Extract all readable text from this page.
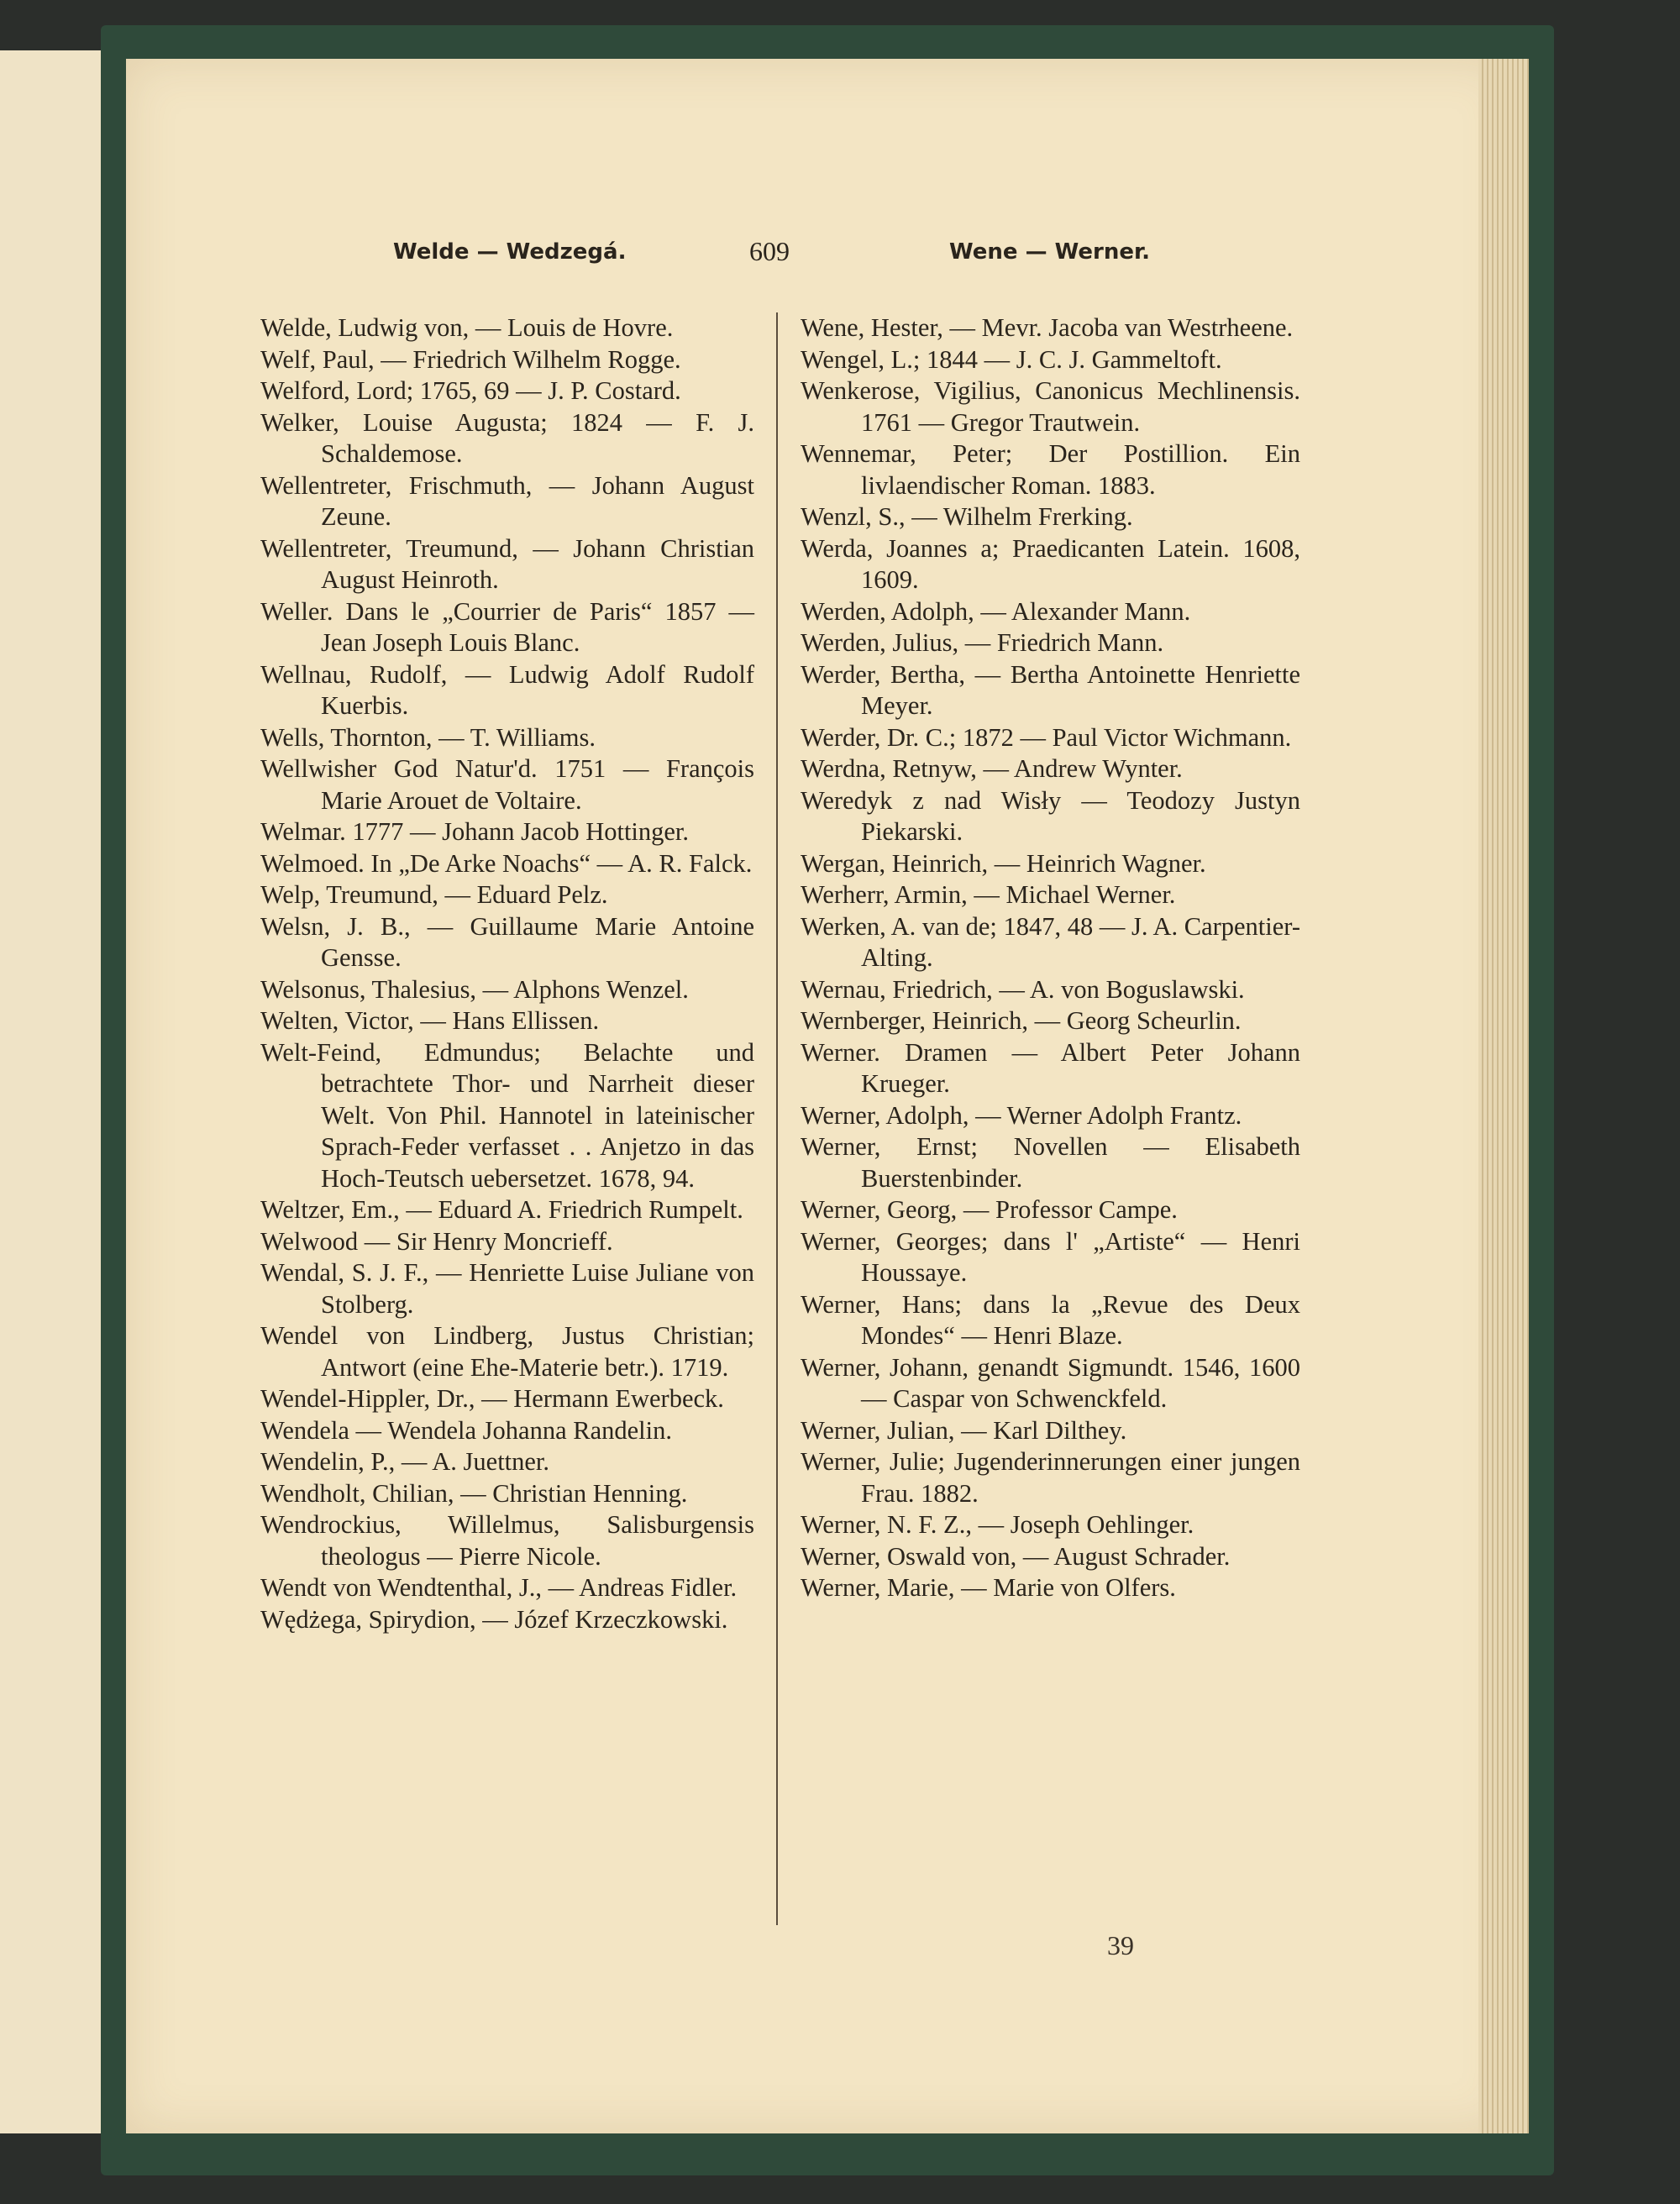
Welde — Wedzegá.	609	Wene — Werner.
Welde, Ludwig von, — Louis de Hovre.
Welf, Paul, — Friedrich Wilhelm Rogge.
Welford, Lord; 1765, 69 — J. P. Costard.
Welker, Louise Augusta; 1824 — F. J. Schaldemose.
Wellentreter, Frischmuth, — Johann August Zeune.
Wellentreter, Treumund, — Johann Christian August Heinroth.
Weller. Dans le „Courrier de Paris“ 1857 — Jean Joseph Louis Blanc.
Wellnau, Rudolf, — Ludwig Adolf Rudolf Kuerbis.
Wells, Thornton, — T. Williams.
Wellwisher God Natur'd. 1751 — François Marie Arouet de Voltaire.
Welmar. 1777 — Johann Jacob Hottinger.
Welmoed. In „De Arke Noachs“ — A. R. Falck.
Welp, Treumund, — Eduard Pelz.
Welsn, J. B., — Guillaume Marie Antoine Gensse.
Welsonus, Thalesius, — Alphons Wenzel.
Welten, Victor, — Hans Ellissen.
Welt-Feind, Edmundus; Belachte und betrachtete Thor- und Narrheit dieser Welt. Von Phil. Hannotel in lateinischer Sprach-Feder verfasset . . Anjetzo in das Hoch-Teutsch uebersetzet. 1678, 94.
Weltzer, Em., — Eduard A. Friedrich Rumpelt.
Welwood — Sir Henry Moncrieff.
Wendal, S. J. F., — Henriette Luise Juliane von Stolberg.
Wendel von Lindberg, Justus Christian; Antwort (eine Ehe-Materie betr.). 1719.
Wendel-Hippler, Dr., — Hermann Ewerbeck.
Wendela — Wendela Johanna Randelin.
Wendelin, P., — A. Juettner.
Wendholt, Chilian, — Christian Henning.
Wendrockius, Willelmus, Salisburgensis theologus — Pierre Nicole.
Wendt von Wendtenthal, J., — Andreas Fidler.
Wędżega, Spirydion, — Józef Krzeczkowski.
Wene, Hester, — Mevr. Jacoba van Westrheene.
Wengel, L.; 1844 — J. C. J. Gammeltoft.
Wenkerose, Vigilius, Canonicus Mechlinensis. 1761 — Gregor Trautwein.
Wennemar, Peter; Der Postillion. Ein livlaendischer Roman. 1883.
Wenzl, S., — Wilhelm Frerking.
Werda, Joannes a; Praedicanten Latein. 1608, 1609.
Werden, Adolph, — Alexander Mann.
Werden, Julius, — Friedrich Mann.
Werder, Bertha, — Bertha Antoinette Henriette Meyer.
Werder, Dr. C.; 1872 — Paul Victor Wichmann.
Werdna, Retnyw, — Andrew Wynter.
Weredyk z nad Wisły — Teodozy Justyn Piekarski.
Wergan, Heinrich, — Heinrich Wagner.
Werherr, Armin, — Michael Werner.
Werken, A. van de; 1847, 48 — J. A. Carpentier-Alting.
Wernau, Friedrich, — A. von Boguslawski.
Wernberger, Heinrich, — Georg Scheurlin.
Werner. Dramen — Albert Peter Johann Krueger.
Werner, Adolph, — Werner Adolph Frantz.
Werner, Ernst; Novellen — Elisabeth Buerstenbinder.
Werner, Georg, — Professor Campe.
Werner, Georges; dans l' „Artiste“ — Henri Houssaye.
Werner, Hans; dans la „Revue des Deux Mondes“ — Henri Blaze.
Werner, Johann, genandt Sigmundt. 1546, 1600 — Caspar von Schwenckfeld.
Werner, Julian, — Karl Dilthey.
Werner, Julie; Jugenderinnerungen einer jungen Frau. 1882.
Werner, N. F. Z., — Joseph Oehlinger.
Werner, Oswald von, — August Schrader.
Werner, Marie, — Marie von Olfers.
39
